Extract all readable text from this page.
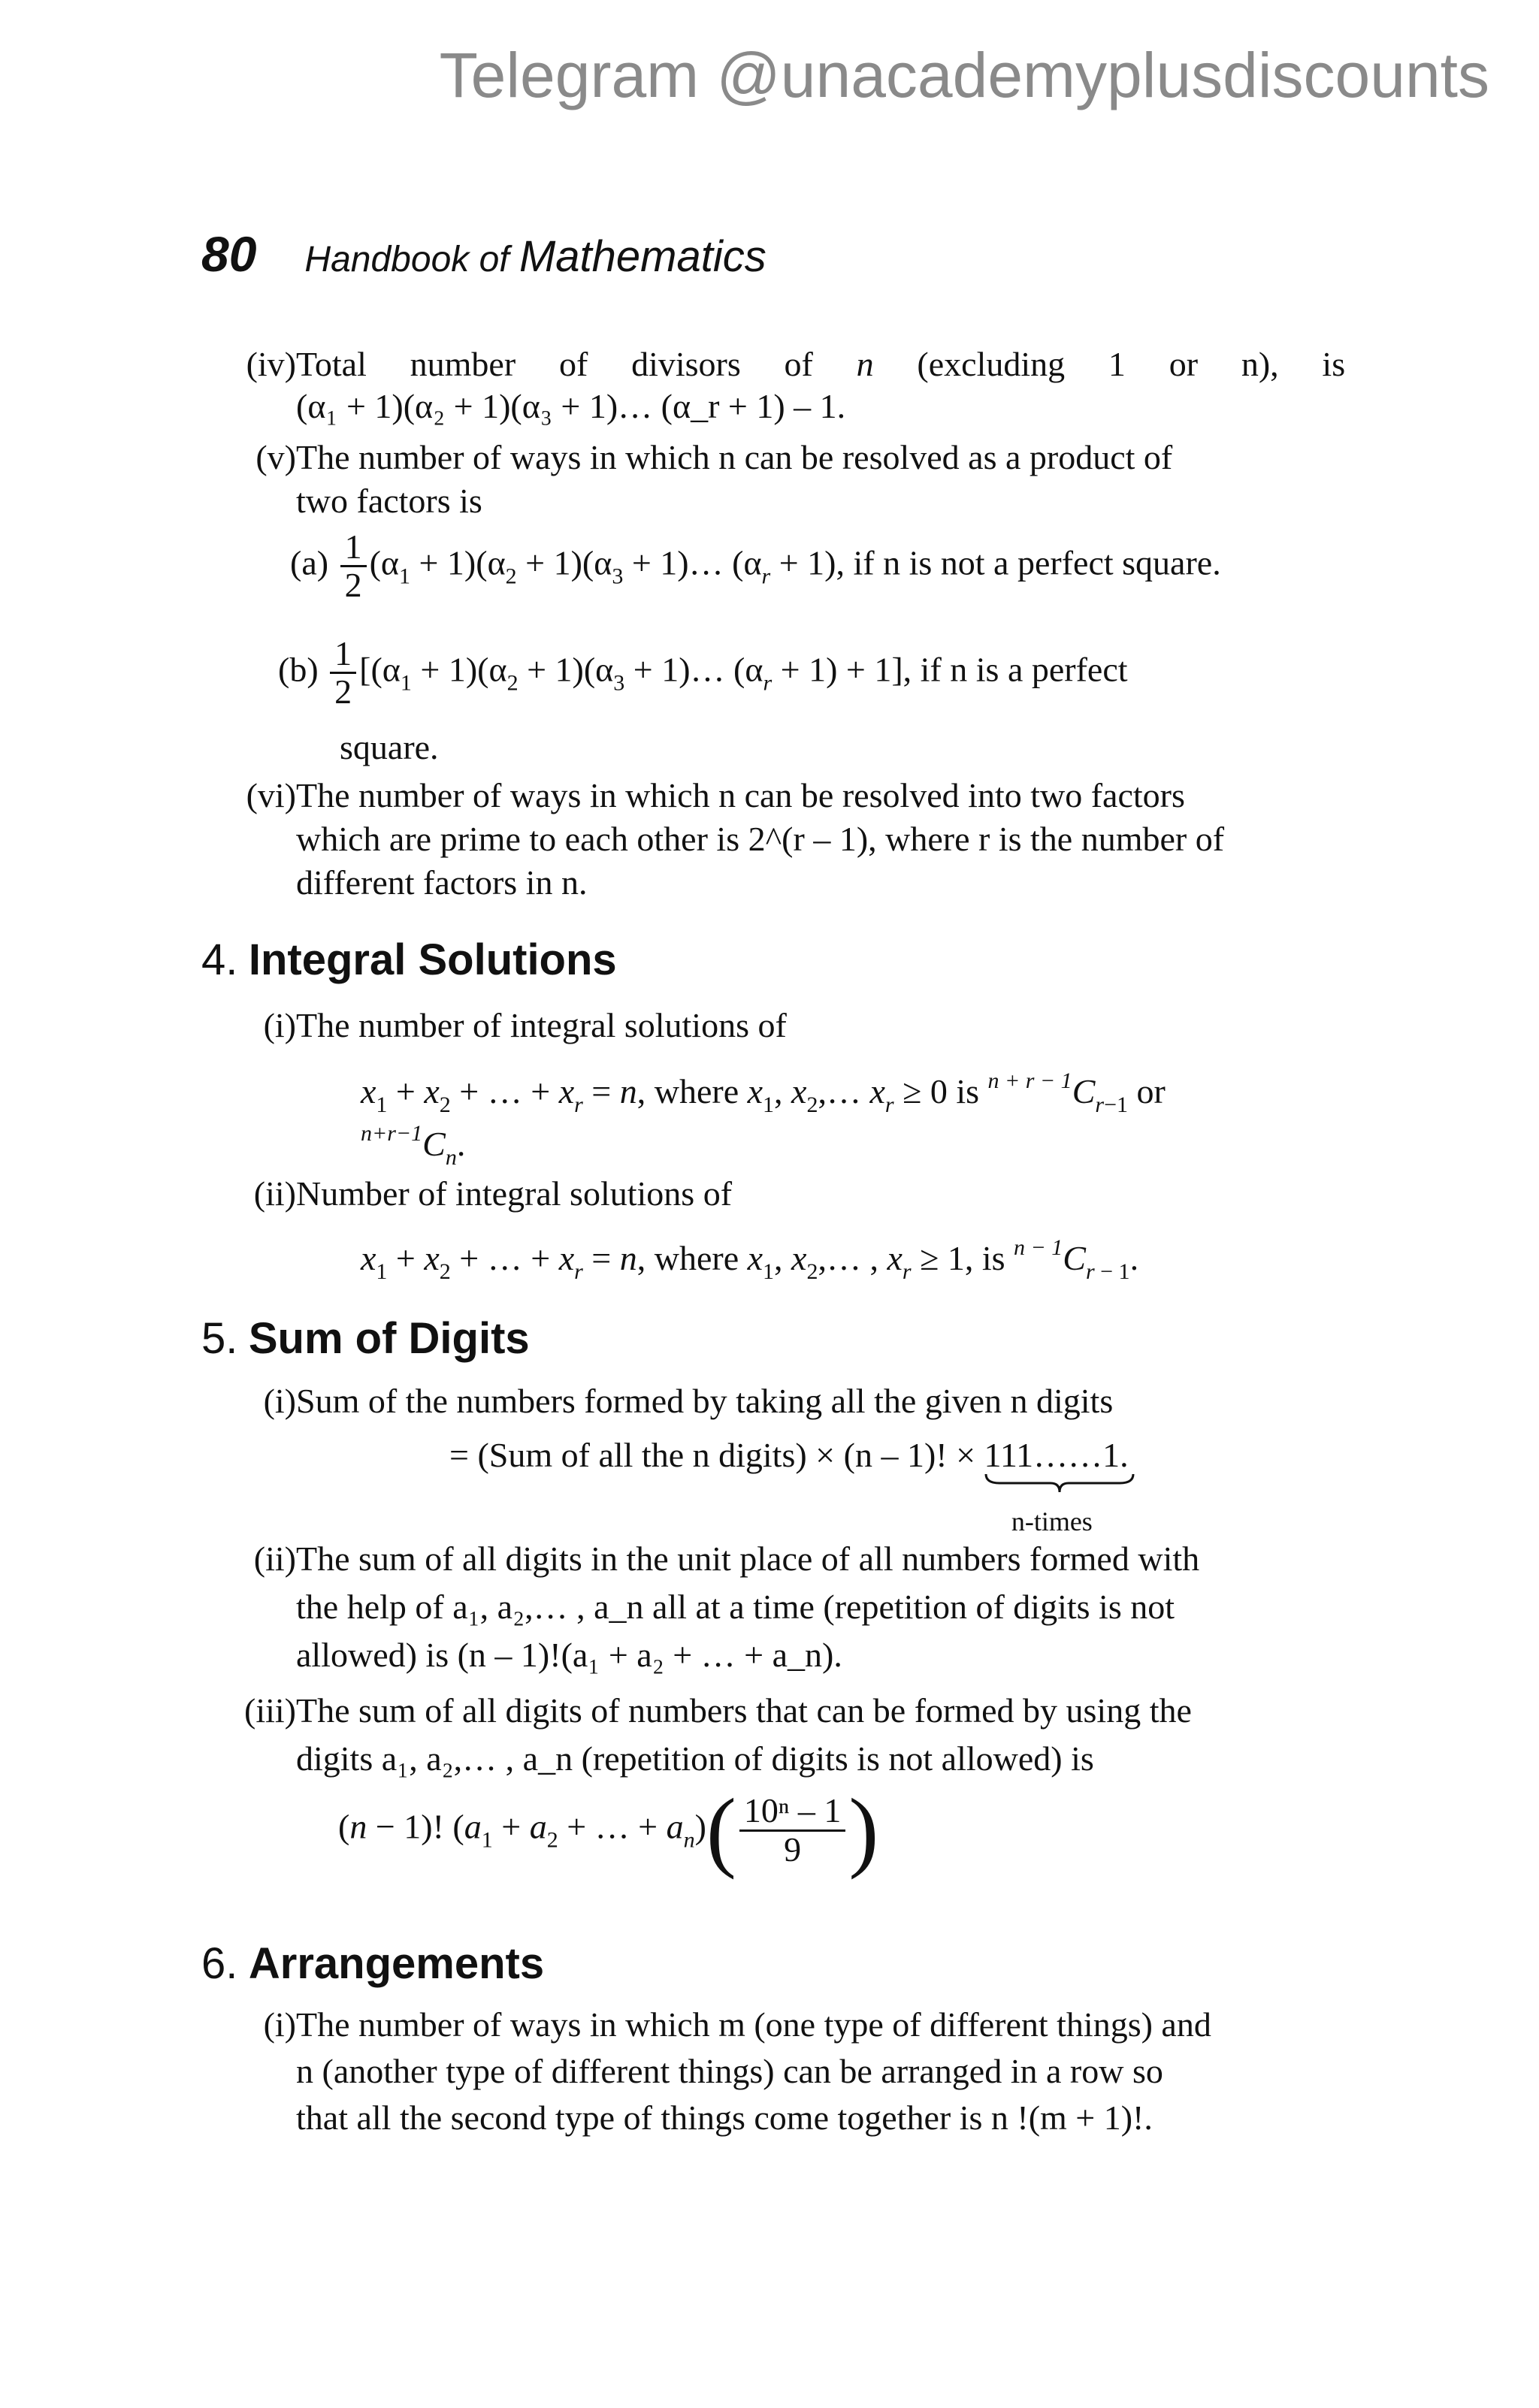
Telegram @unacademyplusdiscounts
80 Handbook of Mathematics
(iv) Total number of divisors of n (excluding 1 or n), is
(α₁ + 1)(α₂ + 1)(α₃ + 1)… (α_r + 1) – 1.
(v) The number of ways in which n can be resolved as a product of
two factors is
$(a) \frac{1}{2} (\alpha_1 + 1)(\alpha_2 + 1)(\alpha_3$ + 1)… $(\alpha_r + 1)$, if n is not a perfect square.
$(b) \frac{1}{2} [(\alpha_1 + 1)(\alpha_2 + 1)(\alpha_3$ + 1)… $(\alpha_r + 1) + 1$], if n is a perfect
square.
(vi) The number of ways in which n can be resolved into two factors
which are prime to each other is 2^(r – 1), where r is the number of
different factors in n.
4. Integral Solutions
(i) The number of integral solutions of
$x_1 + x_2$ + … + $x_r = n$, where $x_1$, $x_2,\dots$ $x_r \ge 0$ is $^{n + r - 1}C_{r-1}$ or
$^{n+r-1}C_n$.
(ii) Number of integral solutions of
$x_1 + x_2$ + … + $x_r = n$, where $x_1$, $x_2,\dots$ , $x_r \ge 1$, is $^{n - 1}C_{r - 1}$.
5. Sum of Digits
(i) Sum of the numbers formed by taking all the given n digits
= (Sum of all the n digits) × (n – 1)! × 111……1
n-times
.
(ii) The sum of all digits in the unit place of all numbers formed with
the help of a₁, a₂,… , a_n all at a time (repetition of digits is not
allowed) is (n – 1)!(a₁ + a₂ + … + a_n).
(iii) The sum of all digits of numbers that can be formed by using the
digits a₁, a₂,… , a_n (repetition of digits is not allowed) is
(n − 1)! ($a_1 + a_2$ + … + $a_n)( \frac{\text{10ⁿ – 1}}{9}$ )
6. Arrangements
(i) The number of ways in which m (one type of different things) and
n (another type of different things) can be arranged in a row so
that all the second type of things come together is n !(m + 1)!.
